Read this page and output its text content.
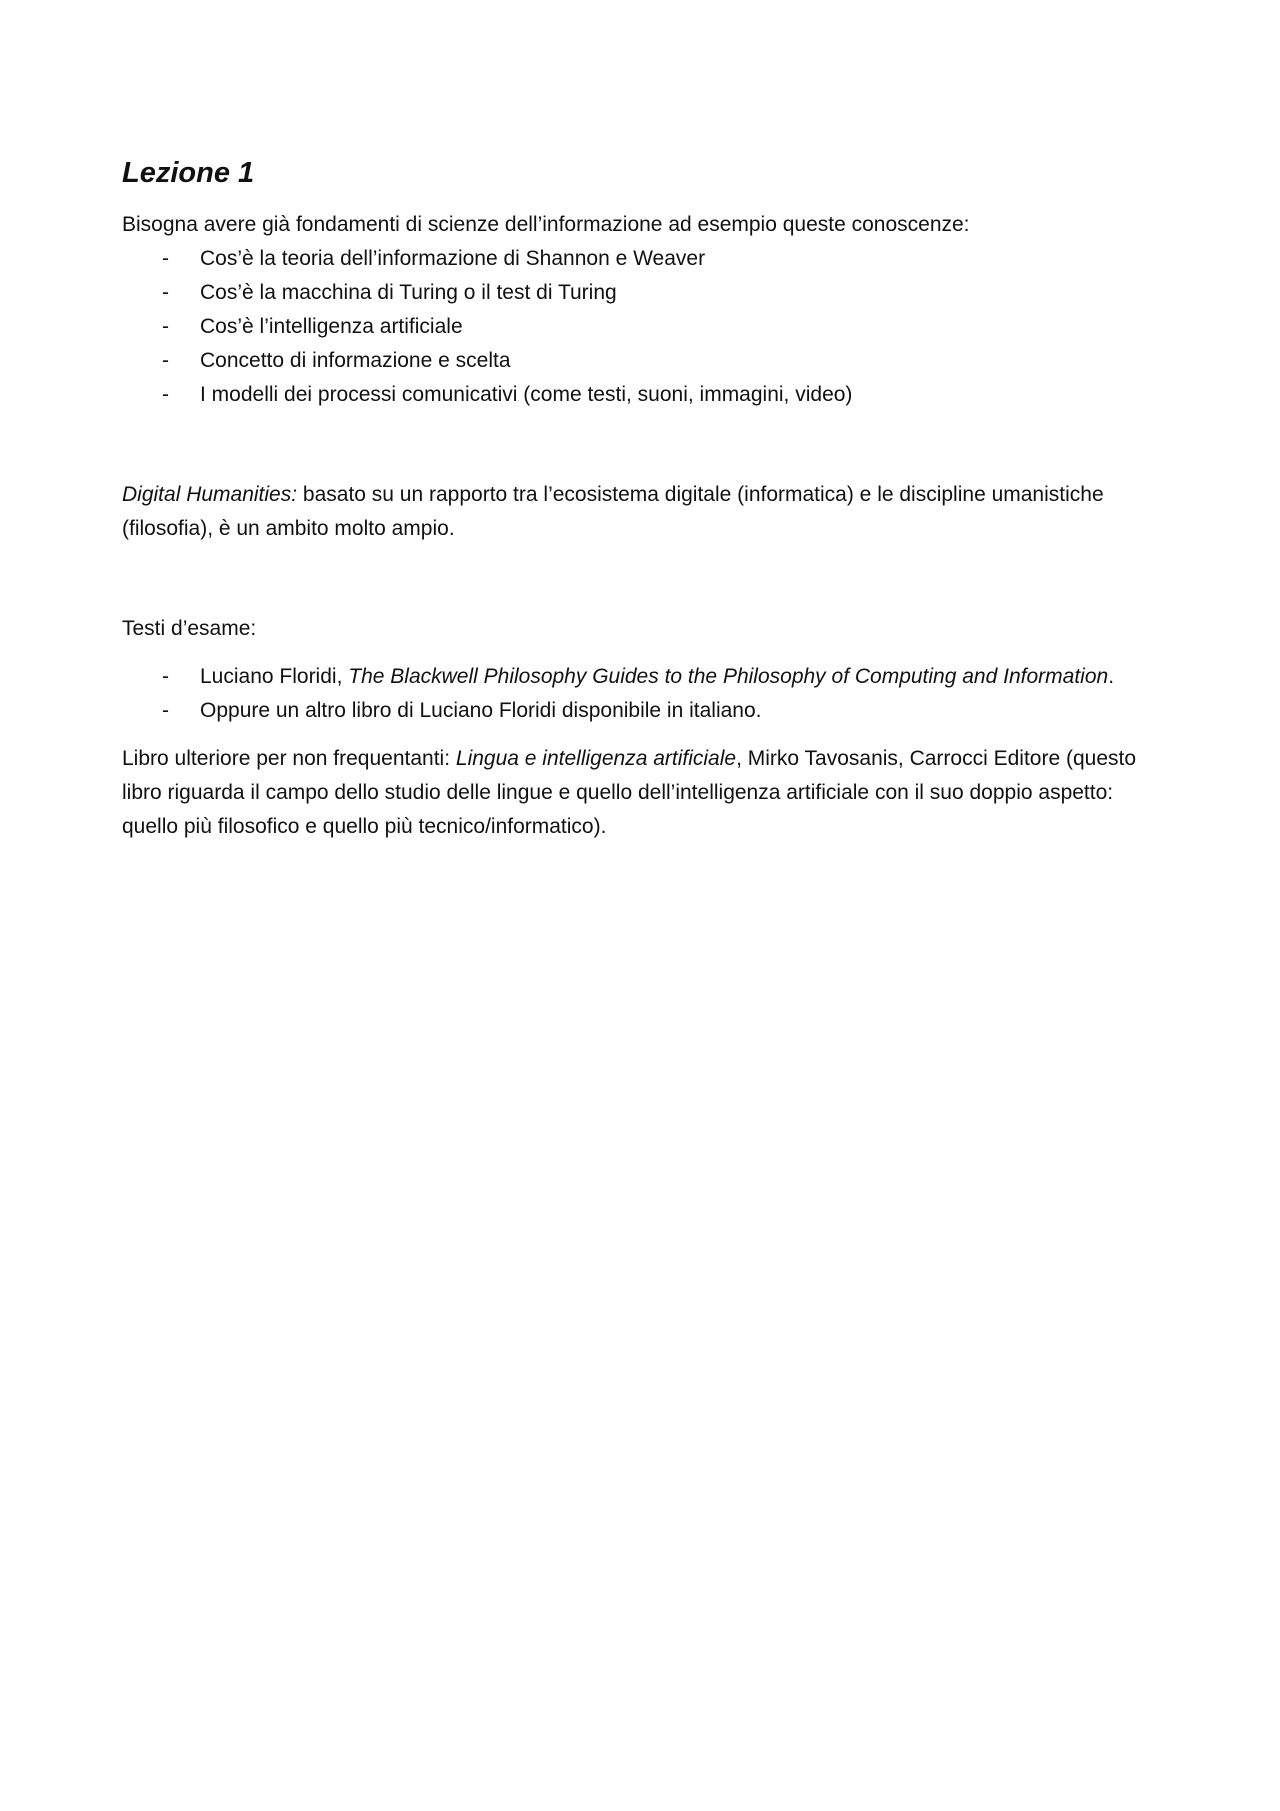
Lezione 1

Bisogna avere già fondamenti di scienze dell’informazione ad esempio queste conoscenze:

- Cos’è la teoria dell’informazione di Shannon e Weaver
- Cos’è la macchina di Turing o il test di Turing
- Cos’è l’intelligenza artificiale
- Concetto di informazione e scelta
- I modelli dei processi comunicativi (come testi, suoni, immagini, video)

Digital Humanities: basato su un rapporto tra l’ecosistema digitale (informatica) e le discipline umanistiche (filosofia), è un ambito molto ampio.

Testi d’esame:

- Luciano Floridi, The Blackwell Philosophy Guides to the Philosophy of Computing and Information.
- Oppure un altro libro di Luciano Floridi disponibile in italiano.

Libro ulteriore per non frequentanti: Lingua e intelligenza artificiale, Mirko Tavosanis, Carrocci Editore (questo libro riguarda il campo dello studio delle lingue e quello dell’intelligenza artificiale con il suo doppio aspetto: quello più filosofico e quello più tecnico/informatico).
